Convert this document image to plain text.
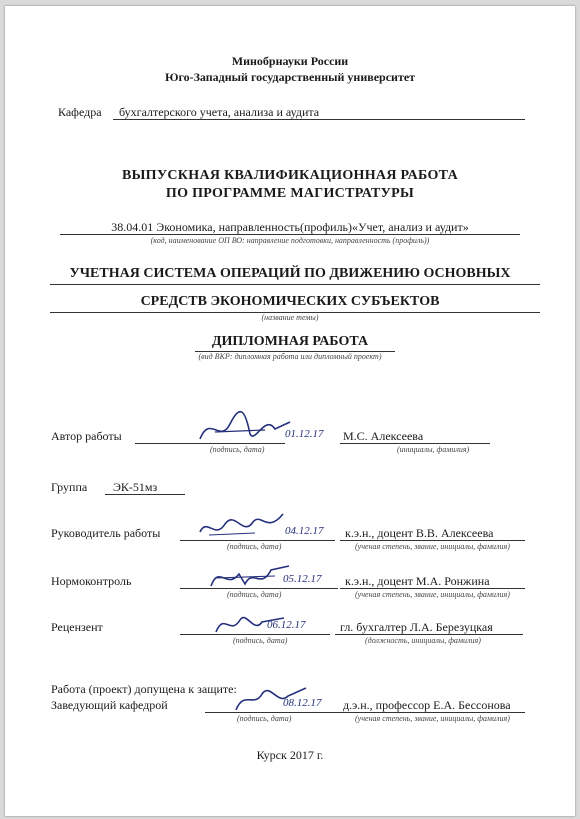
Минобрнауки России
Юго-Западный государственный университет
Кафедра бухгалтерского учета, анализа и аудита
ВЫПУСКНАЯ КВАЛИФИКАЦИОННАЯ РАБОТА
ПО ПРОГРАММЕ МАГИСТРАТУРЫ
38.04.01 Экономика, направленность(профиль)«Учет, анализ и аудит»
(код, наименование ОП ВО: направление подготовки, направленность (профиль))
УЧЕТНАЯ СИСТЕМА ОПЕРАЦИЙ ПО ДВИЖЕНИЮ ОСНОВНЫХ
СРЕДСТВ ЭКОНОМИЧЕСКИХ СУБЪЕКТОВ
(название темы)
ДИПЛОМНАЯ РАБОТА
(вид ВКР: дипломная работа или дипломный проект)
Автор работы	01.12.17 М.С. Алексеева
(подпись, дата)	(инициалы, фамилия)
Группа ЭК-51мз
Руководитель работы	04.12.17 к.э.н., доцент В.В. Алексеева
(подпись, дата)	(ученая степень, звание, инициалы, фамилия)
Нормоконтроль	05.12.17 к.э.н., доцент М.А. Ронжина
(подпись, дата)	(ученая степень, звание, инициалы, фамилия)
Рецензент	06.12.17	гл. бухгалтер Л.А. Березуцкая
(подпись, дата)	(должность, инициалы, фамилия)
Работа (проект) допущена к защите:
Заведующий кафедрой	08.12.17 д.э.н., профессор Е.А. Бессонова
(подпись, дата)	(ученая степень, звание, инициалы, фамилия)
Курск 2017 г.
